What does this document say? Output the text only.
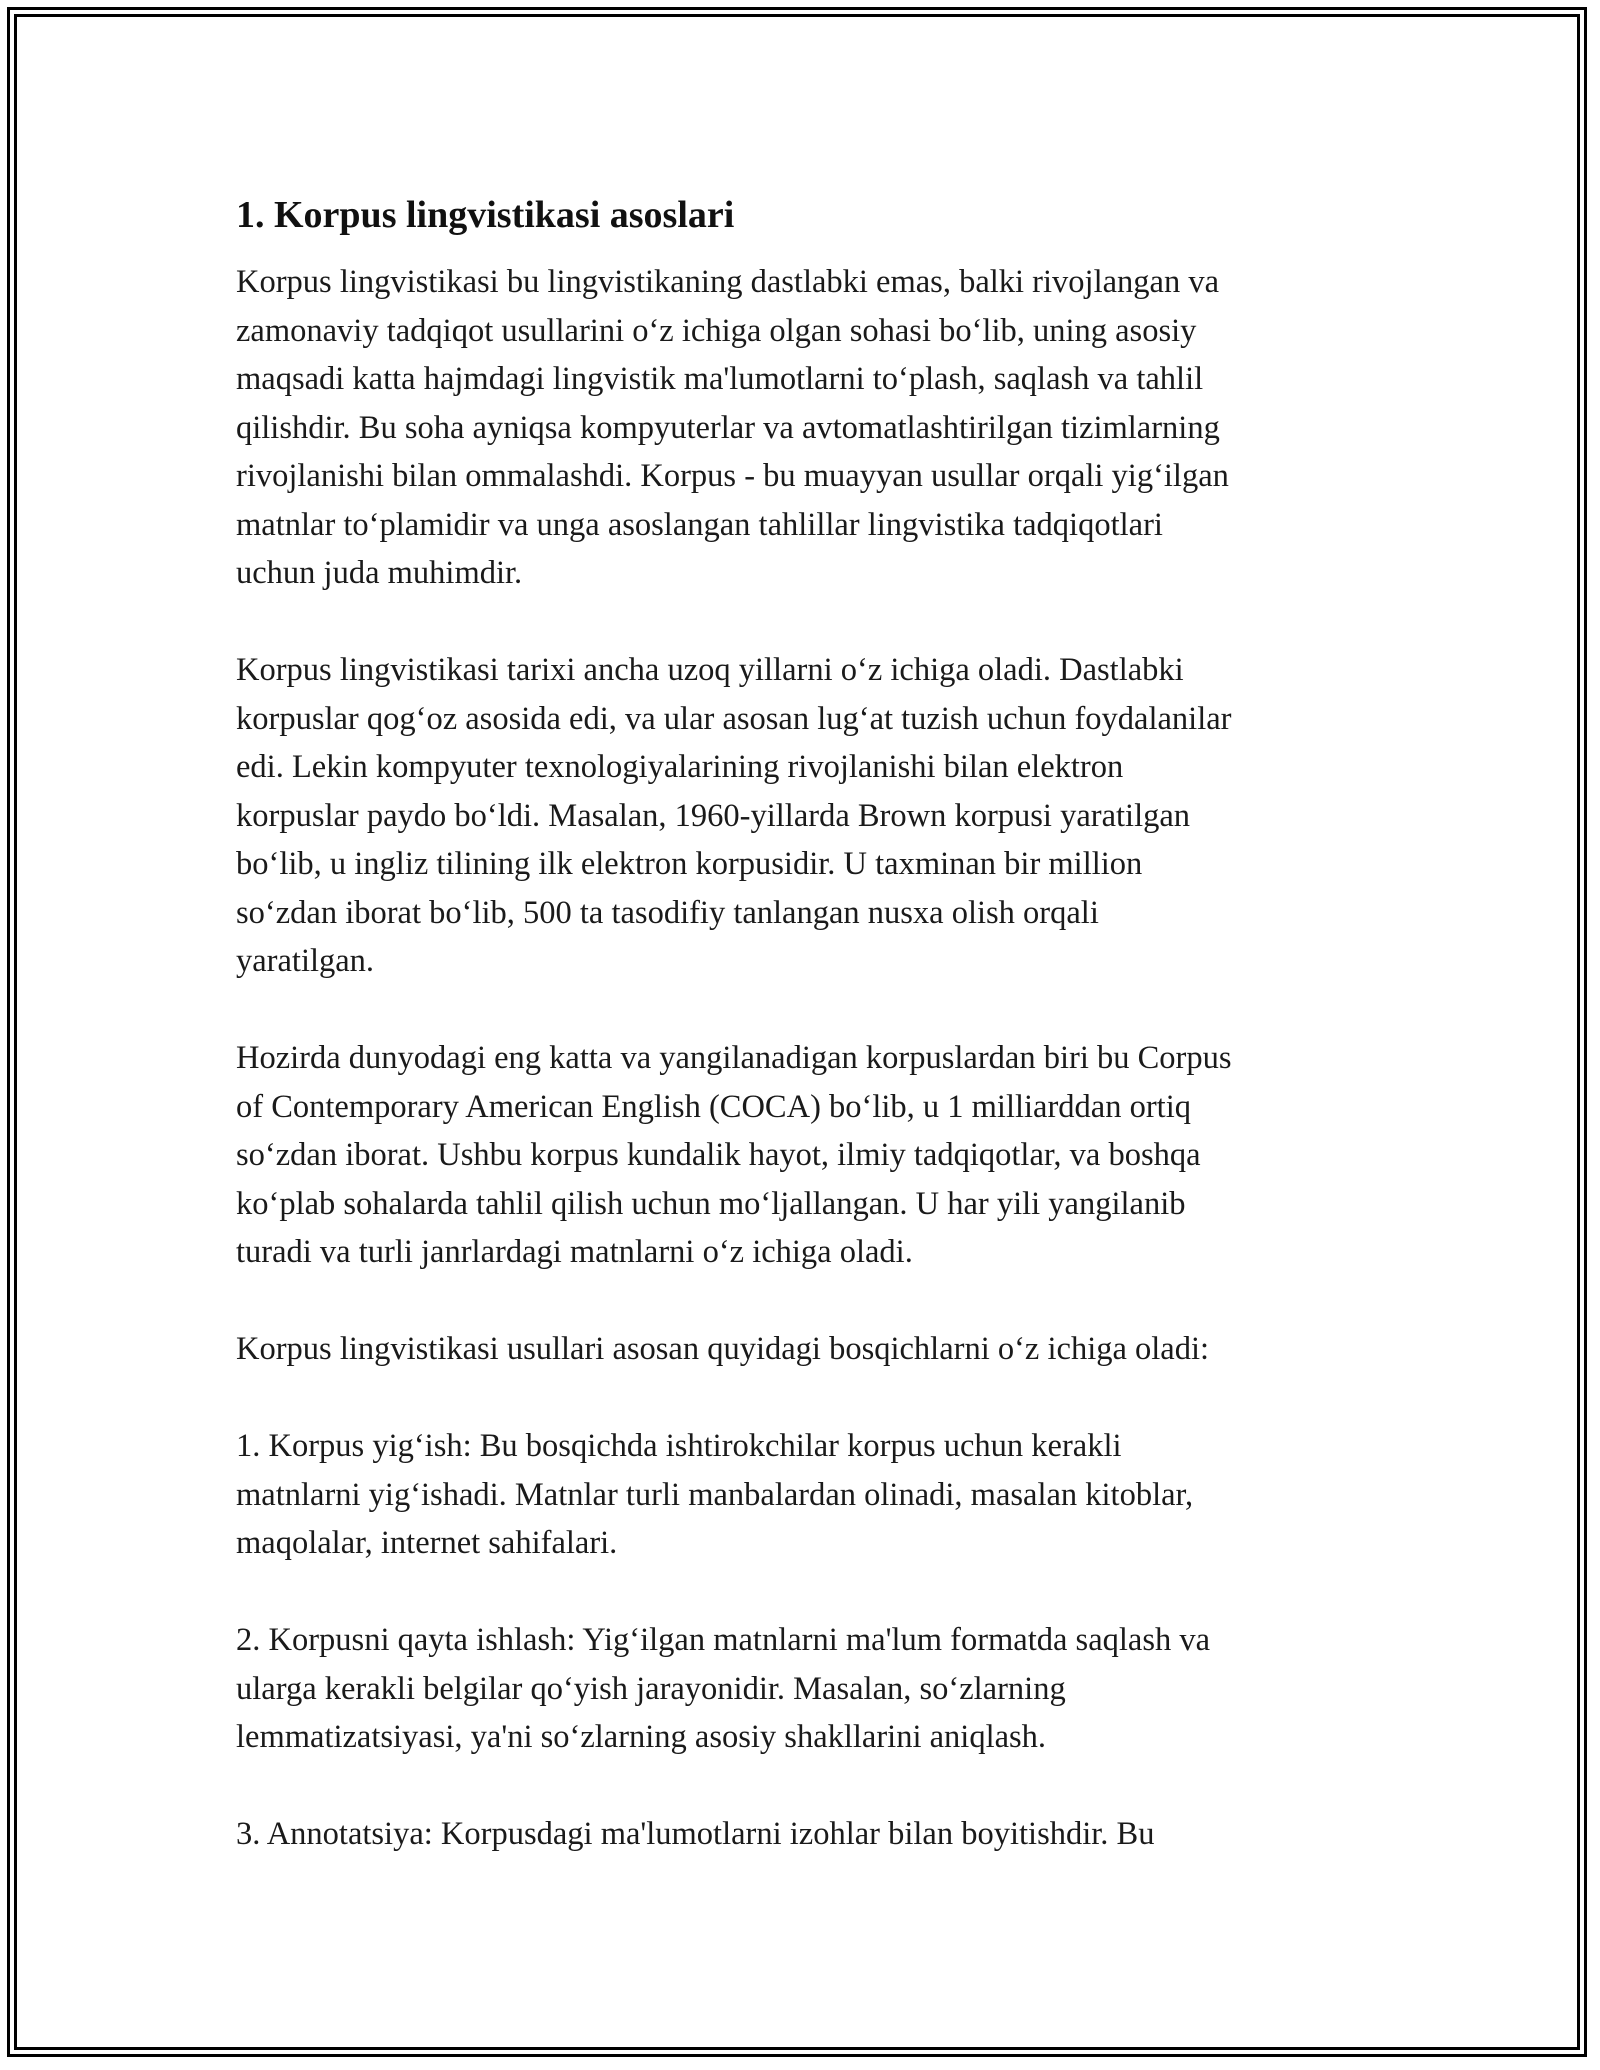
1. Korpus lingvistikasi asoslari
Korpus lingvistikasi bu lingvistikaning dastlabki emas, balki rivojlangan va
zamonaviy tadqiqot usullarini o‘z ichiga olgan sohasi bo‘lib, uning asosiy
maqsadi katta hajmdagi lingvistik ma'lumotlarni to‘plash, saqlash va tahlil
qilishdir. Bu soha ayniqsa kompyuterlar va avtomatlashtirilgan tizimlarning
rivojlanishi bilan ommalashdi. Korpus - bu muayyan usullar orqali yig‘ilgan
matnlar to‘plamidir va unga asoslangan tahlillar lingvistika tadqiqotlari
uchun juda muhimdir.
Korpus lingvistikasi tarixi ancha uzoq yillarni o‘z ichiga oladi. Dastlabki
korpuslar qog‘oz asosida edi, va ular asosan lug‘at tuzish uchun foydalanilar
edi. Lekin kompyuter texnologiyalarining rivojlanishi bilan elektron
korpuslar paydo bo‘ldi. Masalan, 1960-yillarda Brown korpusi yaratilgan
bo‘lib, u ingliz tilining ilk elektron korpusidir. U taxminan bir million
so‘zdan iborat bo‘lib, 500 ta tasodifiy tanlangan nusxa olish orqali
yaratilgan.
Hozirda dunyodagi eng katta va yangilanadigan korpuslardan biri bu Corpus
of Contemporary American English (COCA) bo‘lib, u 1 milliarddan ortiq
so‘zdan iborat. Ushbu korpus kundalik hayot, ilmiy tadqiqotlar, va boshqa
ko‘plab sohalarda tahlil qilish uchun mo‘ljallangan. U har yili yangilanib
turadi va turli janrlardagi matnlarni o‘z ichiga oladi.
Korpus lingvistikasi usullari asosan quyidagi bosqichlarni o‘z ichiga oladi:
1. Korpus yig‘ish: Bu bosqichda ishtirokchilar korpus uchun kerakli
matnlarni yig‘ishadi. Matnlar turli manbalardan olinadi, masalan kitoblar,
maqolalar, internet sahifalari.
2. Korpusni qayta ishlash: Yig‘ilgan matnlarni ma'lum formatda saqlash va
ularga kerakli belgilar qo‘yish jarayonidir. Masalan, so‘zlarning
lemmatizatsiyasi, ya'ni so‘zlarning asosiy shakllarini aniqlash.
3. Annotatsiya: Korpusdagi ma'lumotlarni izohlar bilan boyitishdir. Bu
